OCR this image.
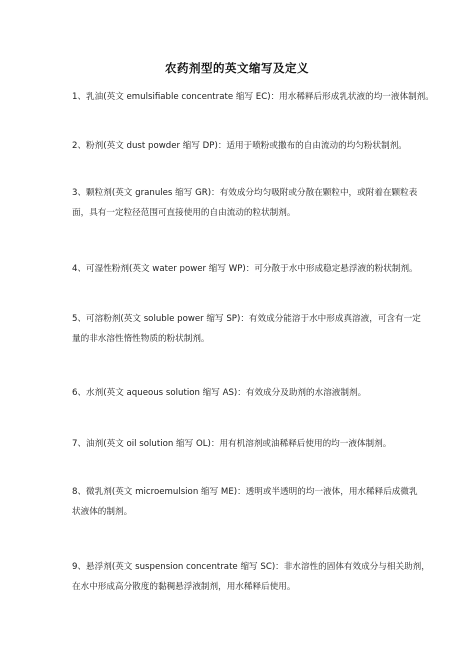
农药剂型的英文缩写及定义
1、乳油(英文 emulsifiable concentrate 缩写 EC)：用水稀释后形成乳状液的均一液体制剂。
2、粉剂(英文 dust powder 缩写 DP)：适用于喷粉或撒布的自由流动的均匀粉状制剂。
3、颗粒剂(英文 granules 缩写 GR)：有效成分均匀吸附或分散在颗粒中，或附着在颗粒表
面，具有一定粒径范围可直接使用的自由流动的粒状制剂。
4、可湿性粉剂(英文 water power 缩写 WP)：可分散于水中形成稳定悬浮液的粉状制剂。
5、可溶粉剂(英文 soluble power 缩写 SP)：有效成分能溶于水中形成真溶液，可含有一定
量的非水溶性惰性物质的粉状制剂。
6、水剂(英文 aqueous solution 缩写 AS)：有效成分及助剂的水溶液制剂。
7、油剂(英文 oil solution 缩写 OL)：用有机溶剂或油稀释后使用的均一液体制剂。
8、微乳剂(英文 microemulsion 缩写 ME)：透明或半透明的均一液体，用水稀释后成微乳
状液体的制剂。
9、悬浮剂(英文 suspension concentrate 缩写 SC)：非水溶性的固体有效成分与相关助剂，
在水中形成高分散度的黏稠悬浮液制剂，用水稀释后使用。
